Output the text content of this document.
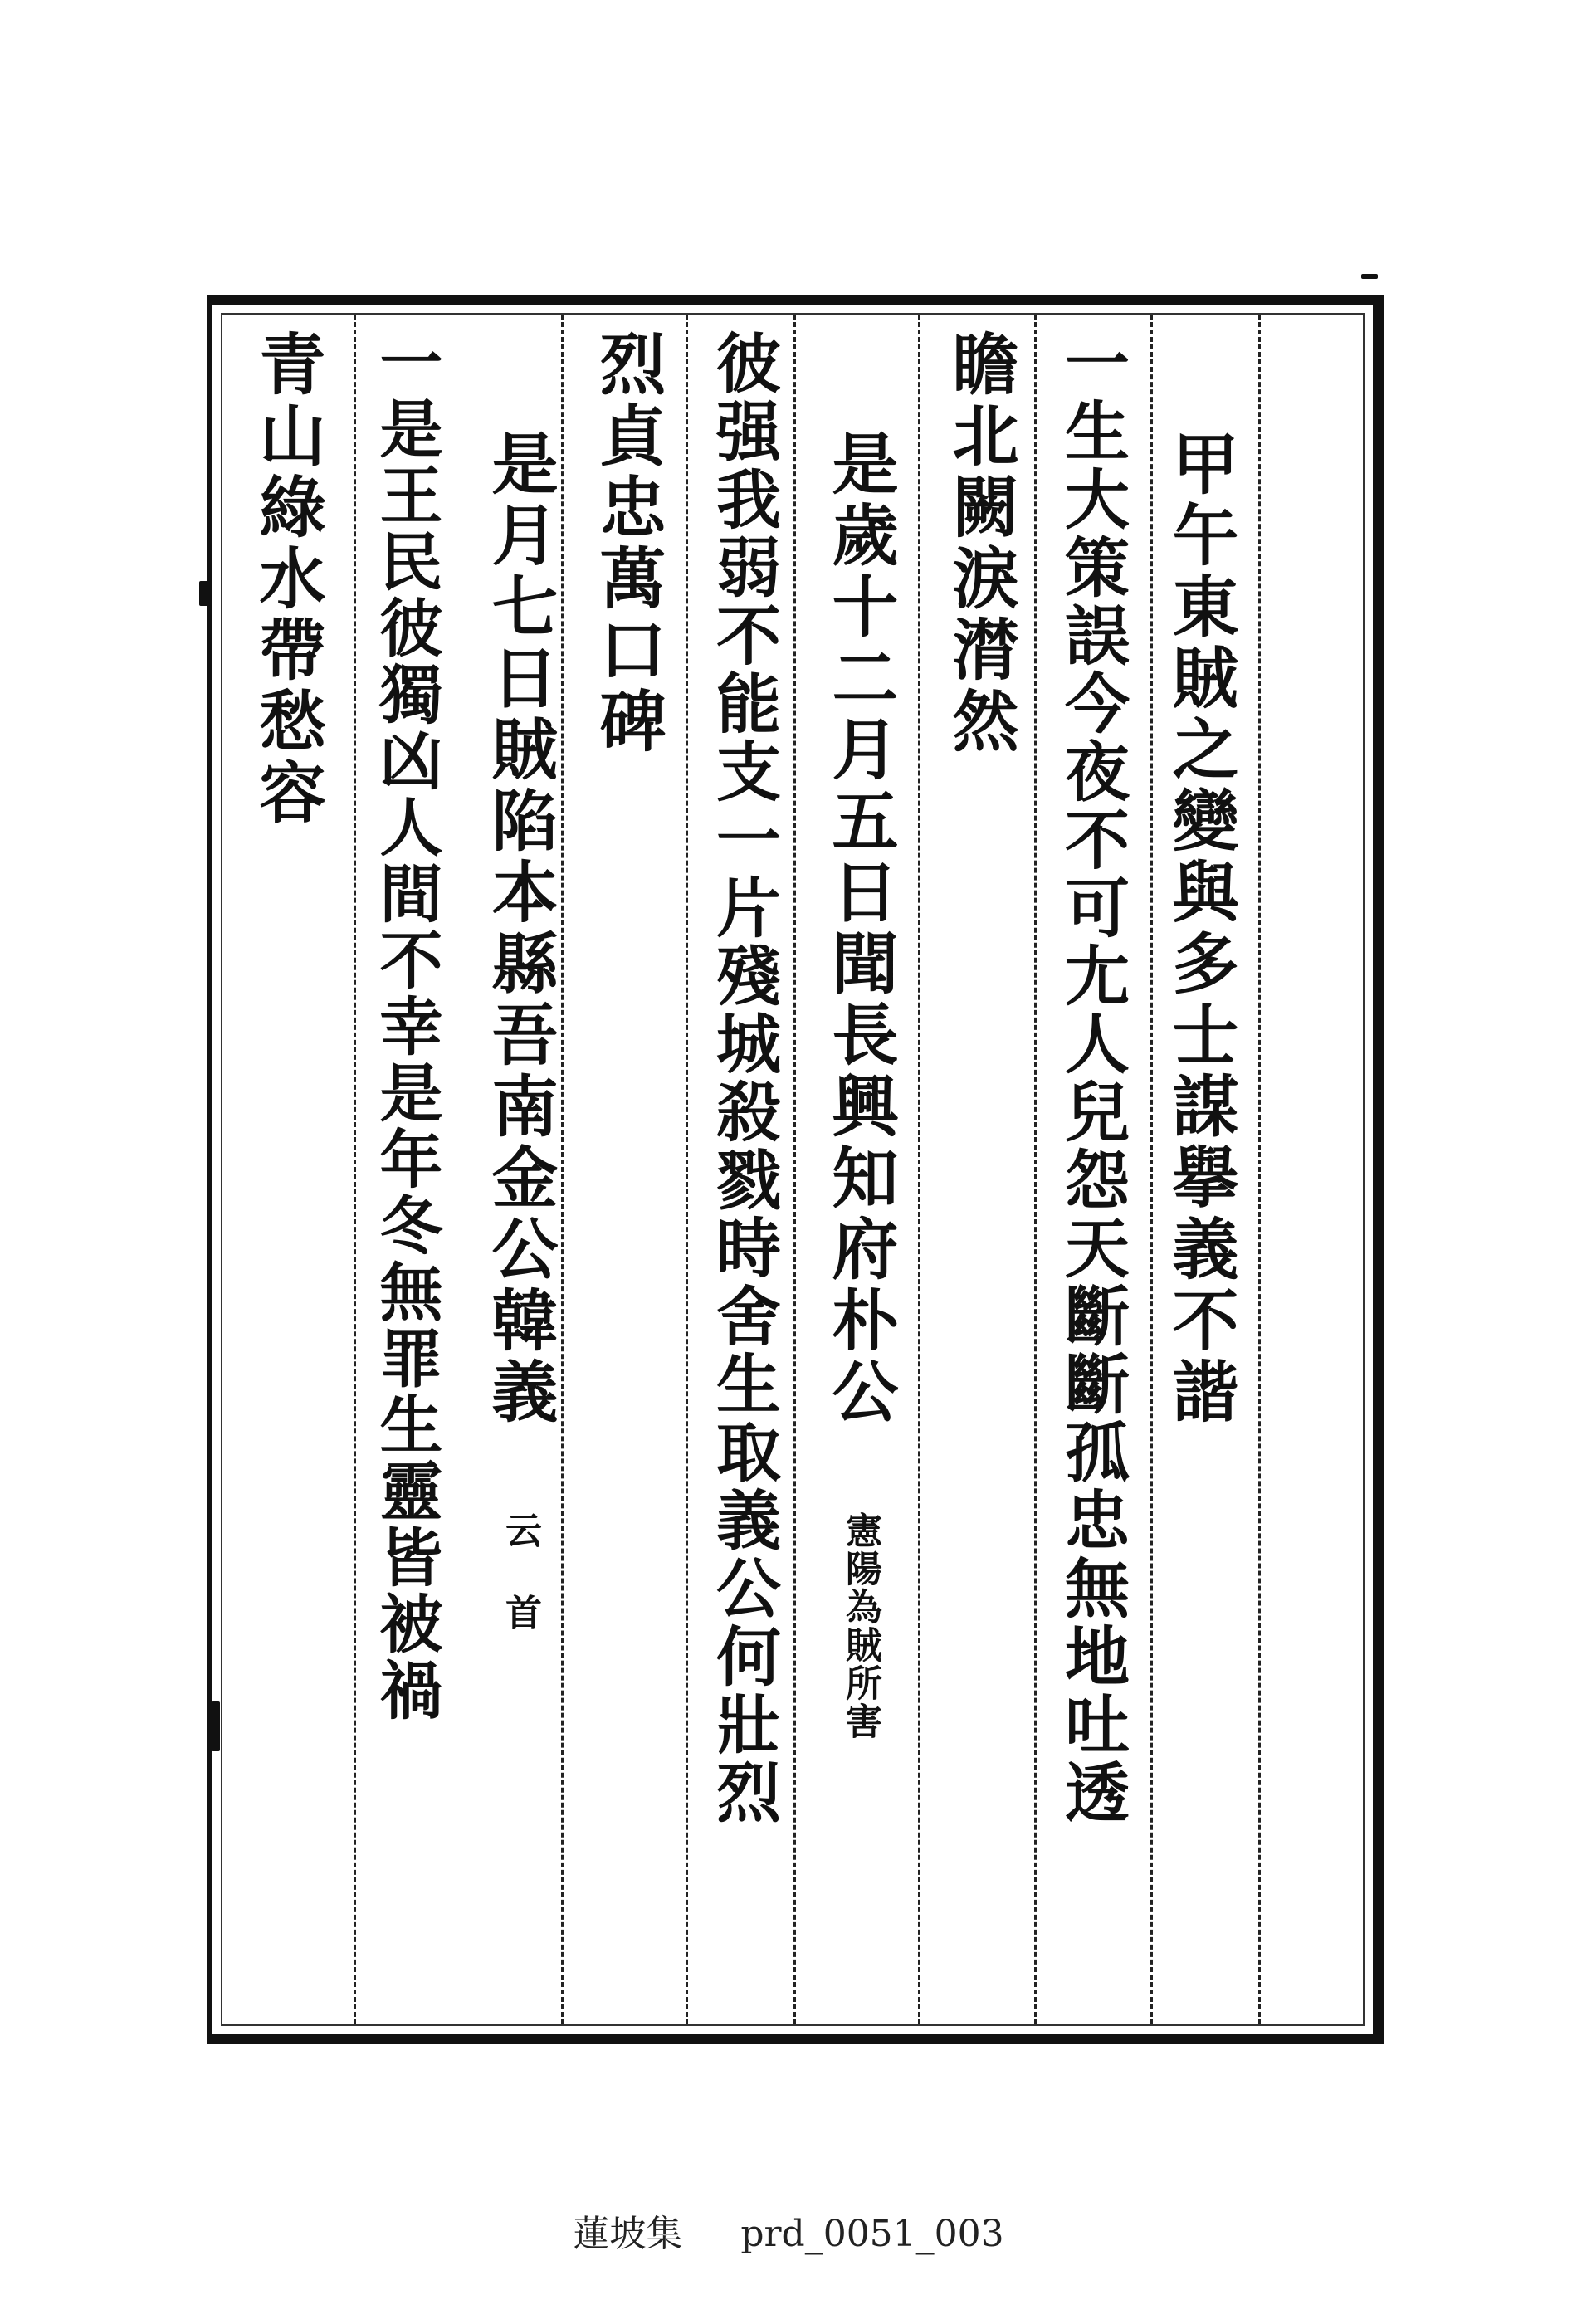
甲午東賊之變與多士謀擧義不諧
一生大策誤今夜不可尢人兒怨天斷斷孤忠無地吐透
瞻北闕淚潸然
是歲十二月五日聞長興知府朴公 憲陽為賊所害
彼强我弱不能支一片殘城殺戮時舍生取義公何壯烈
烈貞忠萬口碑
是月七日賊陷本縣吾南金公韓義 云 首
一是王民彼獨凶人間不幸是年冬無罪生靈皆被禍
青山綠水帶愁容
蓮坡集 prd_0051_003
